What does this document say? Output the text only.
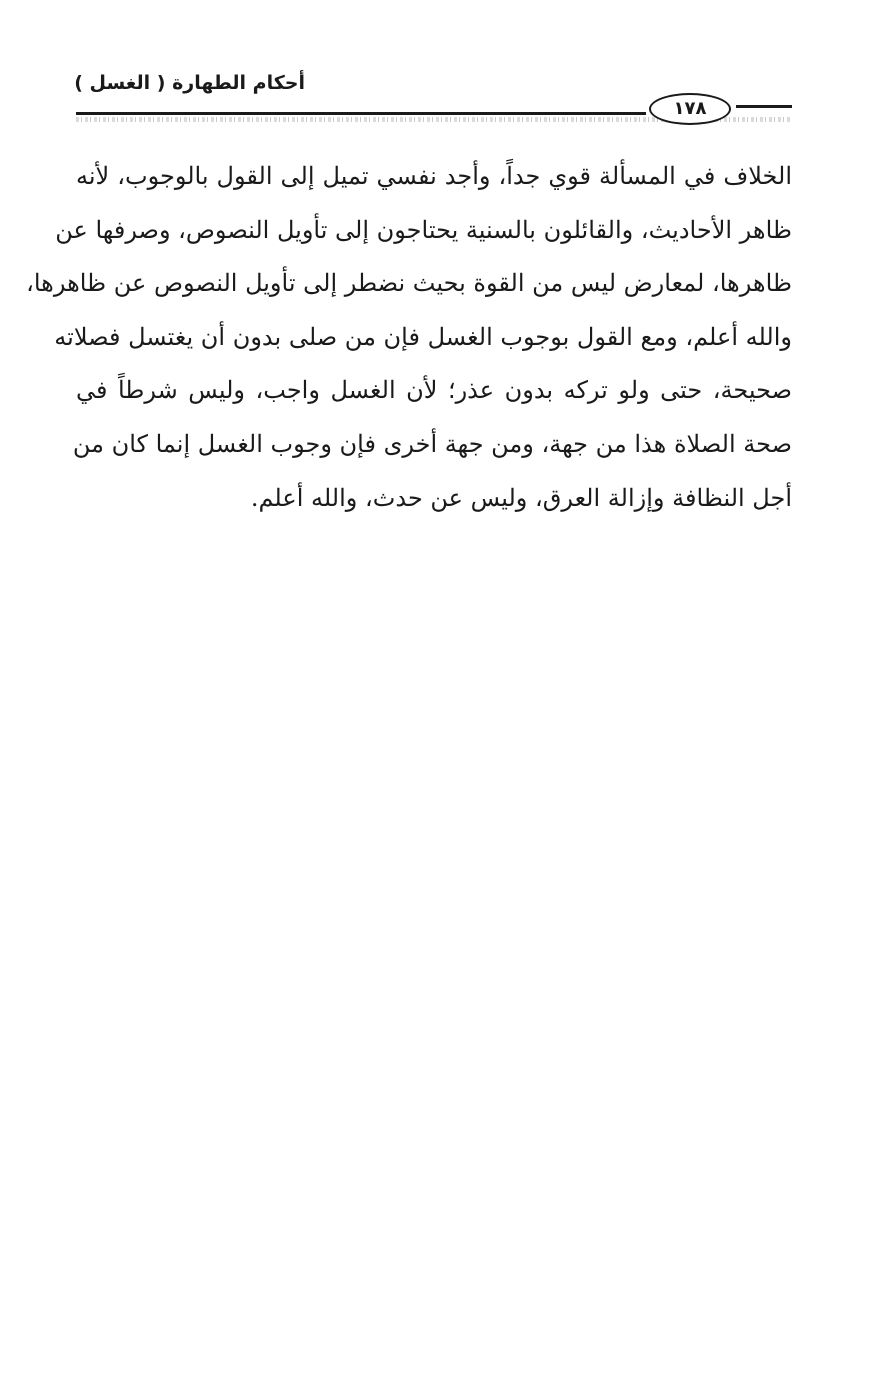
أحكام الطهارة ( الغسل )
١٧٨
الخلاف في المسألة قوي جداً، وأجد نفسي تميل إلى القول بالوجوب، لأنه
ظاهر الأحاديث، والقائلون بالسنية يحتاجون إلى تأويل النصوص، وصرفها عن
ظاهرها، لمعارض ليس من القوة بحيث نضطر إلى تأويل النصوص عن ظاهرها،
والله أعلم، ومع القول بوجوب الغسل فإن من صلى بدون أن يغتسل فصلاته
صحيحة، حتى ولو تركه بدون عذر؛ لأن الغسل واجب، وليس شرطاً في
صحة الصلاة هذا من جهة، ومن جهة أخرى فإن وجوب الغسل إنما كان من
أجل النظافة وإزالة العرق، وليس عن حدث، والله أعلم.
